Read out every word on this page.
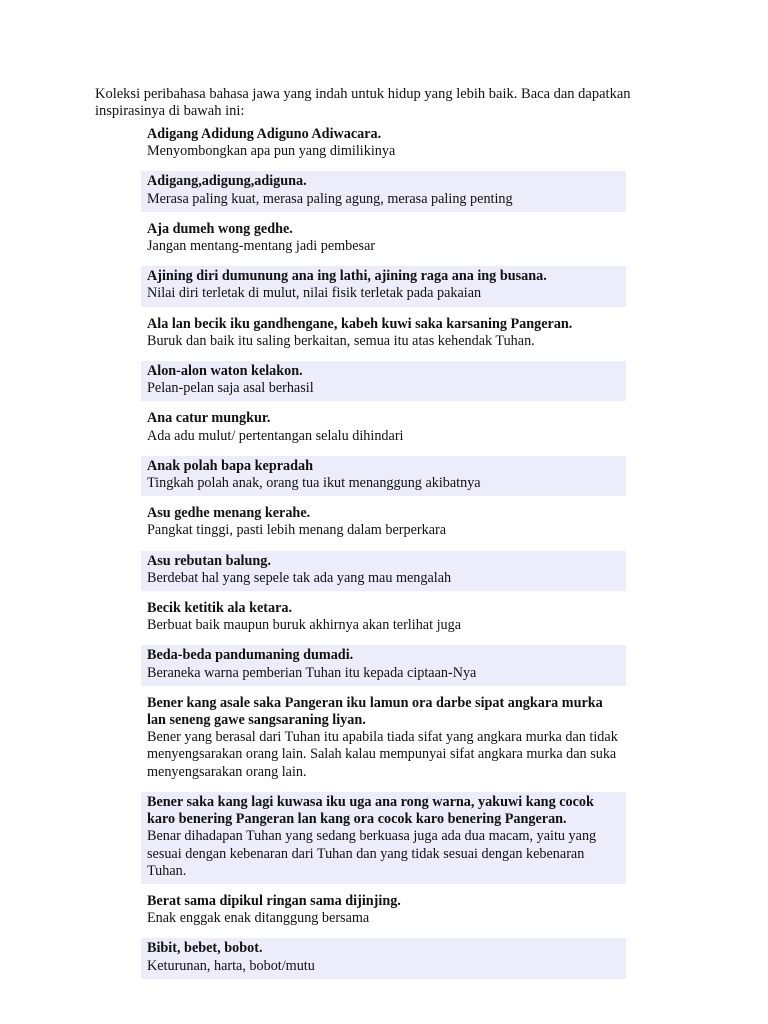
Koleksi peribahasa bahasa jawa yang indah untuk hidup yang lebih baik. Baca dan dapatkan inspirasinya di bawah ini:
Adigang Adidung Adiguno Adiwacara.
Menyombongkan apa pun yang dimilikinya
Adigang,adigung,adiguna.
Merasa paling kuat, merasa paling agung, merasa paling penting
Aja dumeh wong gedhe.
Jangan mentang-mentang jadi pembesar
Ajining diri dumunung ana ing lathi, ajining raga ana ing busana.
Nilai diri terletak di mulut, nilai fisik terletak pada pakaian
Ala lan becik iku gandhengane, kabeh kuwi saka karsaning Pangeran.
Buruk dan baik itu saling berkaitan, semua itu atas kehendak Tuhan.
Alon-alon waton kelakon.
Pelan-pelan saja asal berhasil
Ana catur mungkur.
Ada adu mulut/ pertentangan selalu dihindari
Anak polah bapa kepradah
Tingkah polah anak, orang tua ikut menanggung akibatnya
Asu gedhe menang kerahe.
Pangkat tinggi, pasti lebih menang dalam berperkara
Asu rebutan balung.
Berdebat hal yang sepele tak ada yang mau mengalah
Becik ketitik ala ketara.
Berbuat baik maupun buruk akhirnya akan terlihat juga
Beda-beda pandumaning dumadi.
Beraneka warna pemberian Tuhan itu kepada ciptaan-Nya
Bener kang asale saka Pangeran iku lamun ora darbe sipat angkara murka lan seneng gawe sangsaraning liyan.
Bener yang berasal dari Tuhan itu apabila tiada sifat yang angkara murka dan tidak menyengsarakan orang lain. Salah kalau mempunyai sifat angkara murka dan suka menyengsarakan orang lain.
Bener saka kang lagi kuwasa iku uga ana rong warna, yakuwi kang cocok karo benering Pangeran lan kang ora cocok karo benering Pangeran.
Benar dihadapan Tuhan yang sedang berkuasa juga ada dua macam, yaitu yang sesuai dengan kebenaran dari Tuhan dan yang tidak sesuai dengan kebenaran Tuhan.
Berat sama dipikul ringan sama dijinjing.
Enak enggak enak ditanggung bersama
Bibit, bebet, bobot.
Keturunan, harta, bobot/mutu
